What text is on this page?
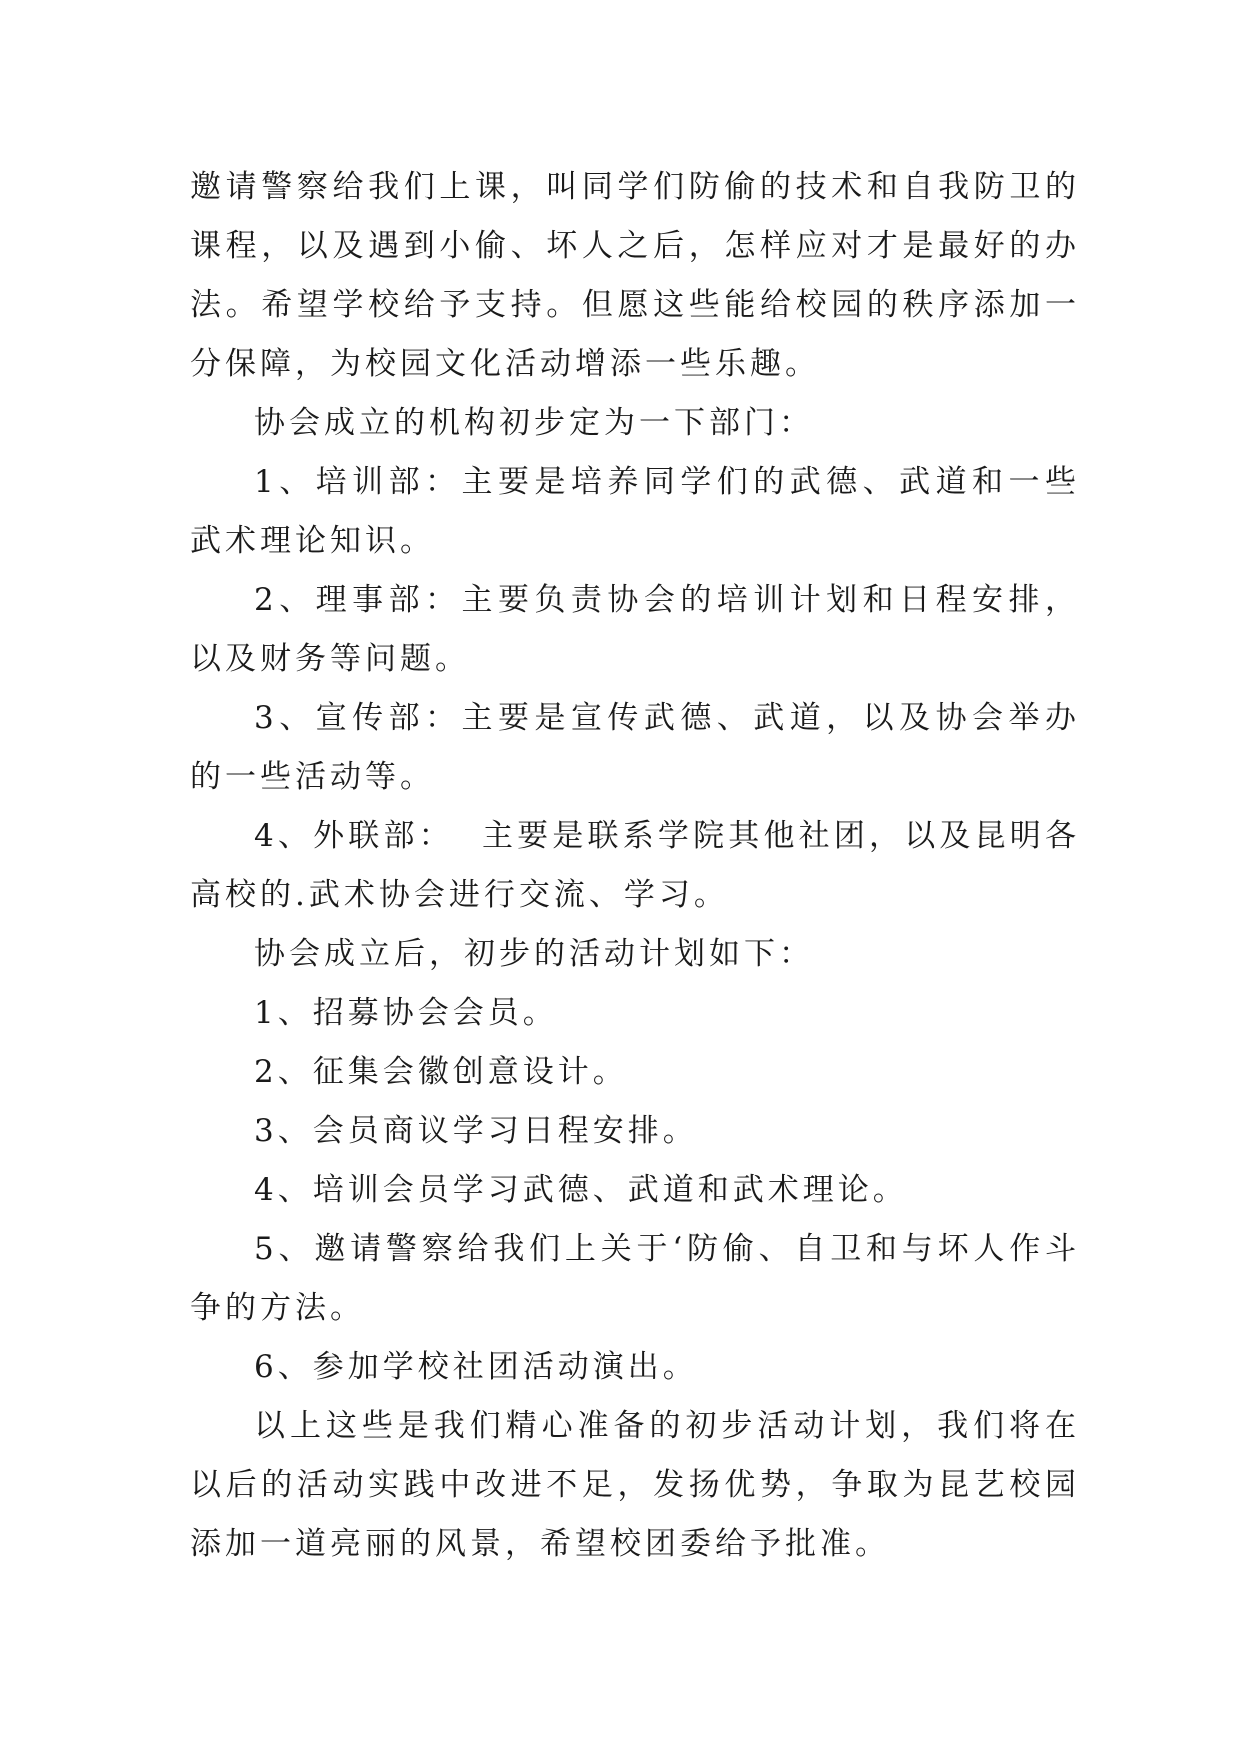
邀请警察给我们上课，叫同学们防偷的技术和自我防卫的课程，以及遇到小偷、坏人之后，怎样应对才是最好的办法。希望学校给予支持。但愿这些能给校园的秩序添加一分保障，为校园文化活动增添一些乐趣。

协会成立的机构初步定为一下部门：

1、培训部：主要是培养同学们的武德、武道和一些武术理论知识。

2、理事部：主要负责协会的培训计划和日程安排，以及财务等问题。

3、宣传部：主要是宣传武德、武道，以及协会举办的一些活动等。

4、外联部：  主要是联系学院其他社团，以及昆明各高校的.武术协会进行交流、学习。

协会成立后，初步的活动计划如下：

1、招募协会会员。

2、征集会徽创意设计。

3、会员商议学习日程安排。

4、培训会员学习武德、武道和武术理论。

5、邀请警察给我们上关于‘防偷、自卫和与坏人作斗争的方法。

6、参加学校社团活动演出。

以上这些是我们精心准备的初步活动计划，我们将在以后的活动实践中改进不足，发扬优势，争取为昆艺校园添加一道亮丽的风景，希望校团委给予批准。
